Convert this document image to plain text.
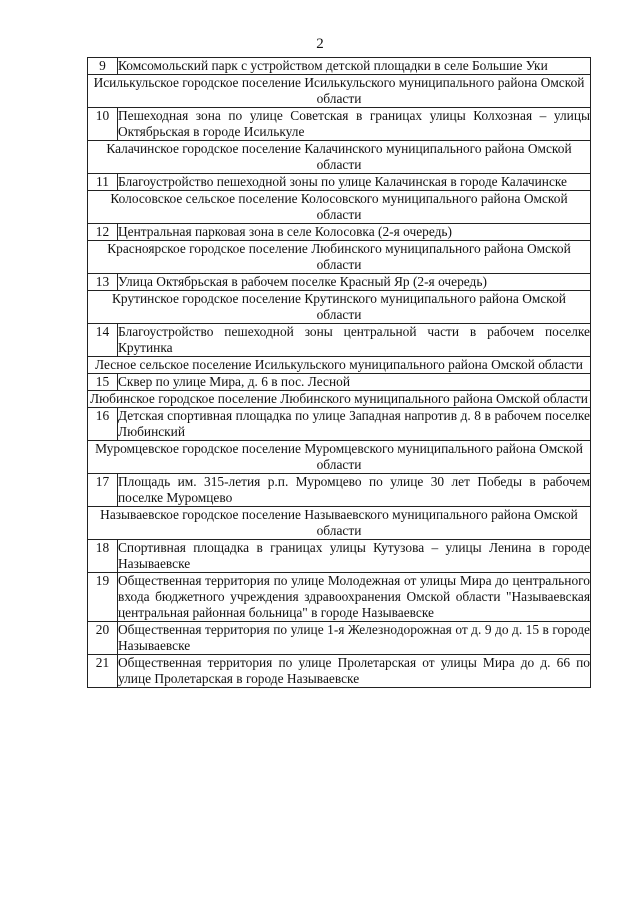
2
9	Комсомольский парк с устройством детской площадки в селе Большие Уки
Исилькульское городское поселение Исилькульского муниципального района Омской области	
10	Пешеходная зона по улице Советская в границах улицы Колхозная – улицы Октябрьская в городе Исилькуле
Калачинское городское поселение Калачинского муниципального района Омской области	
11	Благоустройство пешеходной зоны по улице Калачинская в городе Калачинске
Колосовское сельское поселение Колосовского муниципального района Омской области	
12	Центральная парковая зона в селе Колосовка (2-я очередь)
Красноярское городское поселение Любинского муниципального района Омской области	
13	Улица Октябрьская в рабочем поселке Красный Яр (2-я очередь)
Крутинское городское поселение Крутинского муниципального района Омской области	
14	Благоустройство пешеходной зоны центральной части в рабочем поселке Крутинка
Лесное сельское поселение Исилькульского муниципального района Омской области	
15	Сквер по улице Мира, д. 6 в пос. Лесной
Любинское городское поселение Любинского муниципального района Омской области	
16	Детская спортивная площадка по улице Западная напротив д. 8 в рабочем поселке Любинский
Муромцевское городское поселение Муромцевского муниципального района Омской области	
17	Площадь им. 315-летия р.п. Муромцево по улице 30 лет Победы в рабочем поселке Муромцево
Называевское городское поселение Называевского муниципального района Омской области	
18	Спортивная площадка в границах улицы Кутузова – улицы Ленина в городе Называевске
19	Общественная территория по улице Молодежная от улицы Мира до центрального входа бюджетного учреждения здравоохранения Омской области "Называевская центральная районная больница" в городе Называевске
20	Общественная территория по улице 1-я Железнодорожная от д. 9 до д. 15 в городе Называевске
21	Общественная территория по улице Пролетарская от улицы Мира до д. 66 по улице Пролетарская в городе Называевске
